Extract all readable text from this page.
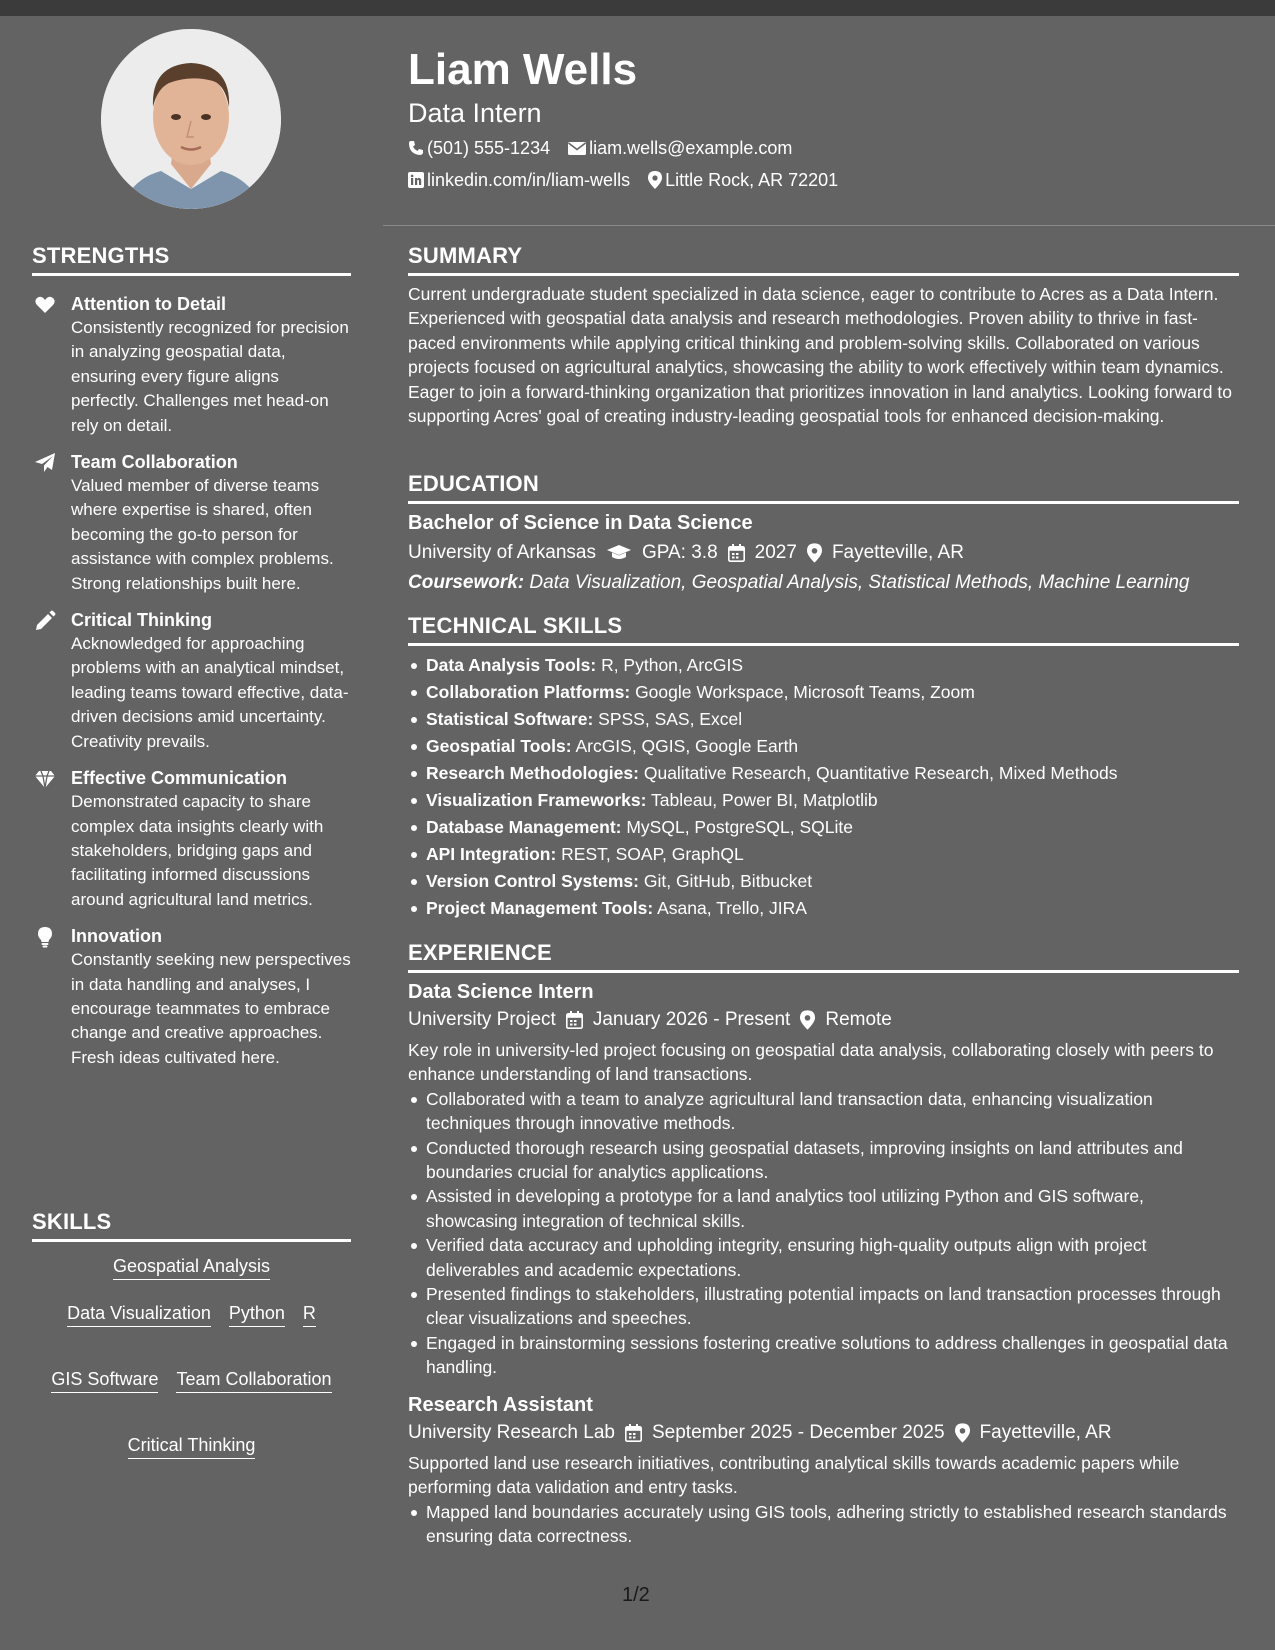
Liam Wells
Data Intern
(501) 555-1234 liam.wells@example.com
linkedin.com/in/liam-wells Little Rock, AR 72201
STRENGTHS
Attention to Detail

Consistently recognized for precision in analyzing geospatial data, ensuring every figure aligns perfectly. Challenges met head-on rely on detail.

Team Collaboration

Valued member of diverse teams where expertise is shared, often becoming the go-to person for assistance with complex problems. Strong relationships built here.

Critical Thinking

Acknowledged for approaching problems with an analytical mindset, leading teams toward effective, data-driven decisions amid uncertainty. Creativity prevails.

Effective Communication

Demonstrated capacity to share complex data insights clearly with stakeholders, bridging gaps and facilitating informed discussions around agricultural land metrics.

Innovation

Constantly seeking new perspectives in data handling and analyses, I encourage teammates to embrace change and creative approaches. Fresh ideas cultivated here.

SKILLS
Geospatial Analysis
Data Visualization Python R
GIS Software Team Collaboration
Critical Thinking
SUMMARY

Current undergraduate student specialized in data science, eager to contribute to Acres as a Data Intern. Experienced with geospatial data analysis and research methodologies. Proven ability to thrive in fast-paced environments while applying critical thinking and problem-solving skills. Collaborated on various projects focused on agricultural analytics, showcasing the ability to work effectively within team dynamics. Eager to join a forward-thinking organization that prioritizes innovation in land analytics. Looking forward to supporting Acres' goal of creating industry-leading geospatial tools for enhanced decision-making.

EDUCATION
Bachelor of Science in Data Science
University of Arkansas GPA: 3.8 2027 Fayetteville, AR
Coursework: Data Visualization, Geospatial Analysis, Statistical Methods, Machine Learning
TECHNICAL SKILLS
Data Analysis Tools: R, Python, ArcGIS
Collaboration Platforms: Google Workspace, Microsoft Teams, Zoom
Statistical Software: SPSS, SAS, Excel
Geospatial Tools: ArcGIS, QGIS, Google Earth
Research Methodologies: Qualitative Research, Quantitative Research, Mixed Methods
Visualization Frameworks: Tableau, Power BI, Matplotlib
Database Management: MySQL, PostgreSQL, SQLite
API Integration: REST, SOAP, GraphQL
Version Control Systems: Git, GitHub, Bitbucket
Project Management Tools: Asana, Trello, JIRA
EXPERIENCE
Data Science Intern
University Project January 2026 - Present Remote

Key role in university-led project focusing on geospatial data analysis, collaborating closely with peers to enhance understanding of land transactions.

Collaborated with a team to analyze agricultural land transaction data, enhancing visualization techniques through innovative methods.
Conducted thorough research using geospatial datasets, improving insights on land attributes and boundaries crucial for analytics applications.
Assisted in developing a prototype for a land analytics tool utilizing Python and GIS software, showcasing integration of technical skills.
Verified data accuracy and upholding integrity, ensuring high-quality outputs align with project deliverables and academic expectations.
Presented findings to stakeholders, illustrating potential impacts on land transaction processes through clear visualizations and speeches.
Engaged in brainstorming sessions fostering creative solutions to address challenges in geospatial data handling.
Research Assistant
University Research Lab September 2025 - December 2025 Fayetteville, AR

Supported land use research initiatives, contributing analytical skills towards academic papers while performing data validation and entry tasks.

Mapped land boundaries accurately using GIS tools, adhering strictly to established research standards ensuring data correctness.
1/2
